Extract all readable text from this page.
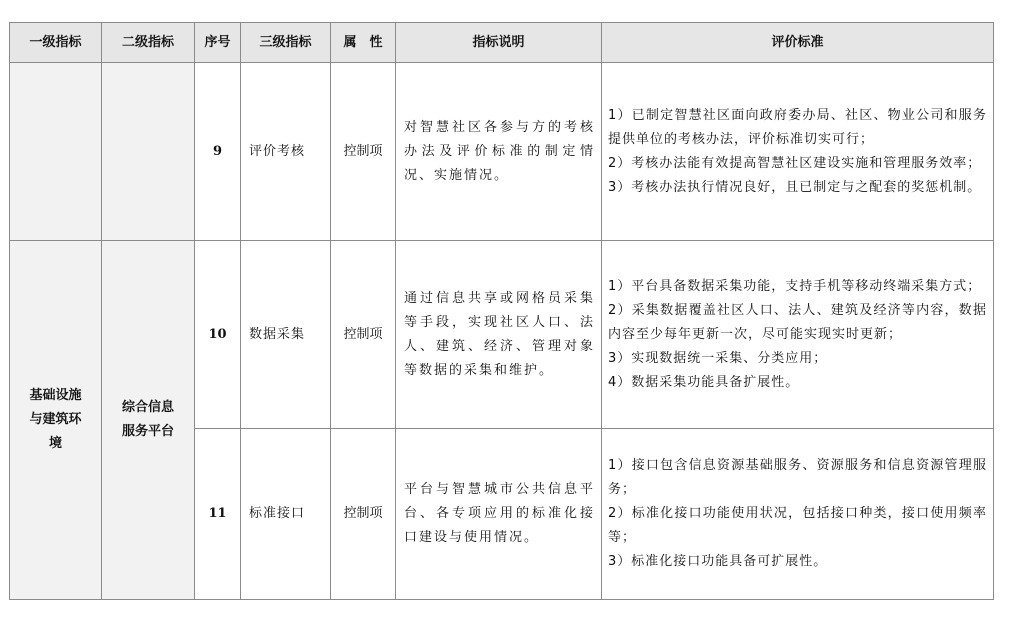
一级指标	二级指标	序号	三级指标	属　性	指标说明	评价标准
		9	评价考核	控制项	对智慧社区各参与方的考核办法及评价标准的制定情况、实施情况。	1）已制定智慧社区面向政府委办局、社区、物业公司和服务提供单位的考核办法，评价标准切实可行；
2）考核办法能有效提高智慧社区建设实施和管理服务效率；
3）考核办法执行情况良好，且已制定与之配套的奖惩机制。

基础设施
与建筑环
境	综合信息
服务平台	10	数据采集	控制项	通过信息共享或网格员采集等手段，实现社区人口、法人、建筑、经济、管理对象等数据的采集和维护。	1）平台具备数据采集功能，支持手机等移动终端采集方式；
2）采集数据覆盖社区人口、法人、建筑及经济等内容，数据内容至少每年更新一次，尽可能实现实时更新；
3）实现数据统一采集、分类应用；
4）数据采集功能具备扩展性。

		11	标准接口	控制项	平台与智慧城市公共信息平台、各专项应用的标准化接口建设与使用情况。	1）接口包含信息资源基础服务、资源服务和信息资源管理服务；
2）标准化接口功能使用状况，包括接口种类，接口使用频率等；
3）标准化接口功能具备可扩展性。
